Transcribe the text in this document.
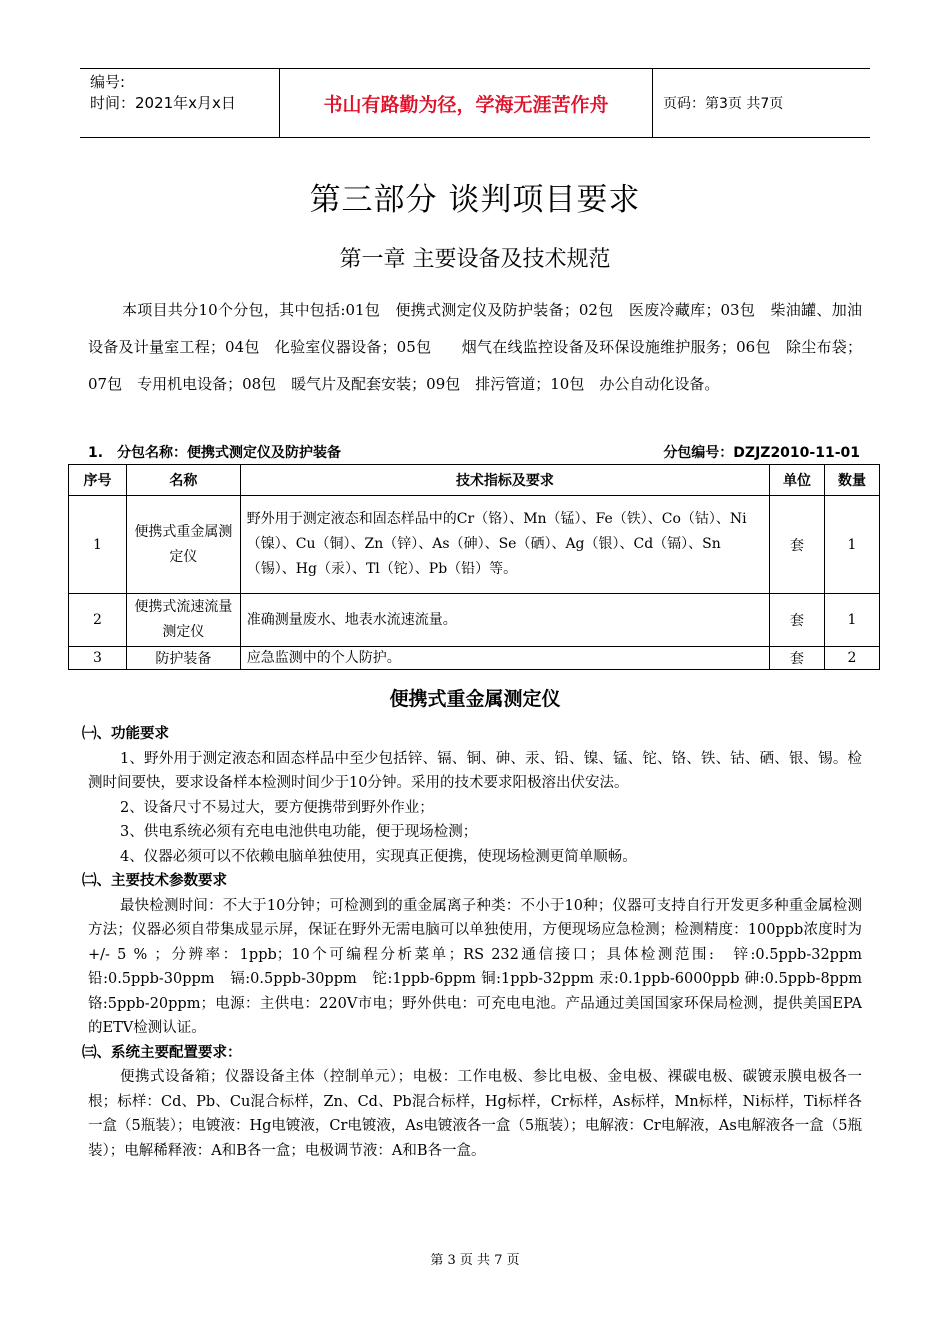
编号:
时间：2021年x月x日	书山有路勤为径，学海无涯苦作舟	页码：第3页 共7页
第三部分 谈判项目要求
第一章 主要设备及技术规范

本项目共分10个分包，其中包括:01包　便携式测定仪及防护装备；02包　医废冷藏库；03包　柴油罐、加油设备及计量室工程；04包　化验室仪器设备；05包　　烟气在线监控设备及环保设施维护服务；06包　除尘布袋；07包　专用机电设备；08包　暖气片及配套安装；09包　排污管道；10包　办公自动化设备。

1.　分包名称：便携式测定仪及防护装备	分包编号：DZJZ2010-11-01
序号	名称	技术指标及要求	单位	数量
1	便携式重金属测定仪	野外用于测定液态和固态样品中的Cr（铬）、Mn（锰）、Fe（铁）、Co（钴）、Ni（镍）、Cu（铜）、Zn（锌）、As（砷）、Se（硒）、Ag（银）、Cd（镉）、Sn（锡）、Hg（汞）、Tl（铊）、Pb（铅）等。	套	1
2	便携式流速流量测定仪	准确测量废水、地表水流速流量。	套	1
3	防护装备	应急监测中的个人防护。	套	2
便携式重金属测定仪

㈠、功能要求

1、野外用于测定液态和固态样品中至少包括锌、镉、铜、砷、汞、铅、镍、锰、铊、铬、铁、钴、硒、银、锡。检测时间要快，要求设备样本检测时间少于10分钟。采用的技术要求阳极溶出伏安法。

2、设备尺寸不易过大，要方便携带到野外作业；

3、供电系统必须有充电电池供电功能，便于现场检测；

4、仪器必须可以不依赖电脑单独使用，实现真正便携，使现场检测更简单顺畅。

㈡、主要技术参数要求

最快检测时间：不大于10分钟；可检测到的重金属离子种类：不小于10种；仪器可支持自行开发更多种重金属检测方法；仪器必须自带集成显示屏，保证在野外无需电脑可以单独使用，方便现场应急检测；检测精度：100ppb浓度时为 +/- 5 % ；分辨率：1ppb；10个可编程分析菜单；RS 232通信接口；具体检测范围:　锌:0.5ppb-32ppm　铅:0.5ppb-30ppm　镉:0.5ppb-30ppm　铊:1ppb-6ppm 铜:1ppb-32ppm 汞:0.1ppb-6000ppb 砷:0.5ppb-8ppm 铬:5ppb-20ppm；电源：主供电：220V市电；野外供电：可充电电池。产品通过美国国家环保局检测，提供美国EPA的ETV检测认证。

㈢、系统主要配置要求：

便携式设备箱；仪器设备主体（控制单元）；电极：工作电极、参比电极、金电极、裸碳电极、碳镀汞膜电极各一根；标样：Cd、Pb、Cu混合标样，Zn、Cd、Pb混合标样，Hg标样，Cr标样，As标样，Mn标样，Ni标样，Ti标样各一盒（5瓶装）；电镀液：Hg电镀液，Cr电镀液，As电镀液各一盒（5瓶装）；电解液：Cr电解液，As电解液各一盒（5瓶装）；电解稀释液：A和B各一盒；电极调节液：A和B各一盒。

第 3 页 共 7 页
